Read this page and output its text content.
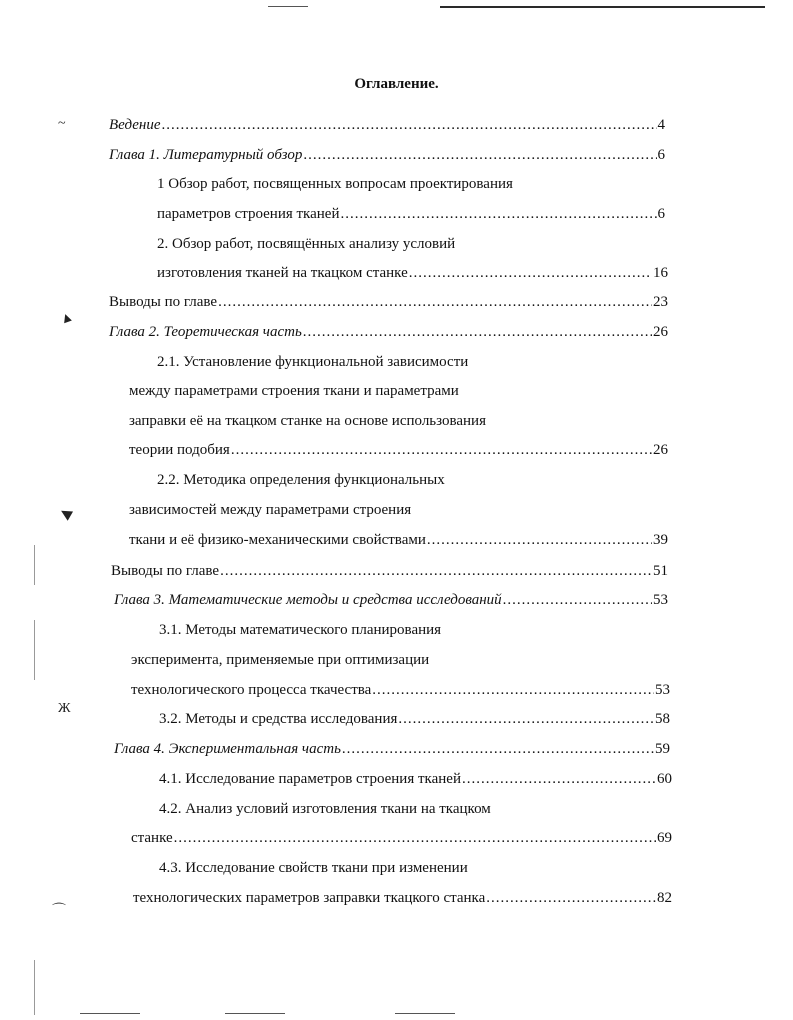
~
▲
◀
Ж
⌒
Оглавление.
Ведение .....	4
Глава 1. Литературный обзор .....	6
1 Обзор работ, посвященных вопросам проектирования
параметров строения тканей .....	6
2. Обзор работ, посвящённых анализу условий
изготовления тканей на ткацком станке .....	16
Выводы по главе .....	23
Глава 2. Теоретическая часть .....	26
2.1. Установление функциональной зависимости
между параметрами строения ткани и параметрами
заправки её на ткацком станке на основе использования
теории подобия .....	26
2.2. Методика определения функциональных
зависимостей между параметрами строения
ткани и её физико-механическими свойствами .....	39
Выводы по главе .....	51
Глава 3. Математические методы и средства исследований .....	53
3.1. Методы математического планирования
эксперимента, применяемые при оптимизации
технологического процесса ткачества .....	53
3.2. Методы и средства исследования .....	58
Глава 4. Экспериментальная часть .....	59
4.1. Исследование параметров строения тканей .....	60
4.2. Анализ условий изготовления ткани на ткацком
станке .....	69
4.3. Исследование свойств ткани при изменении
технологических параметров заправки ткацкого станка .....	82
